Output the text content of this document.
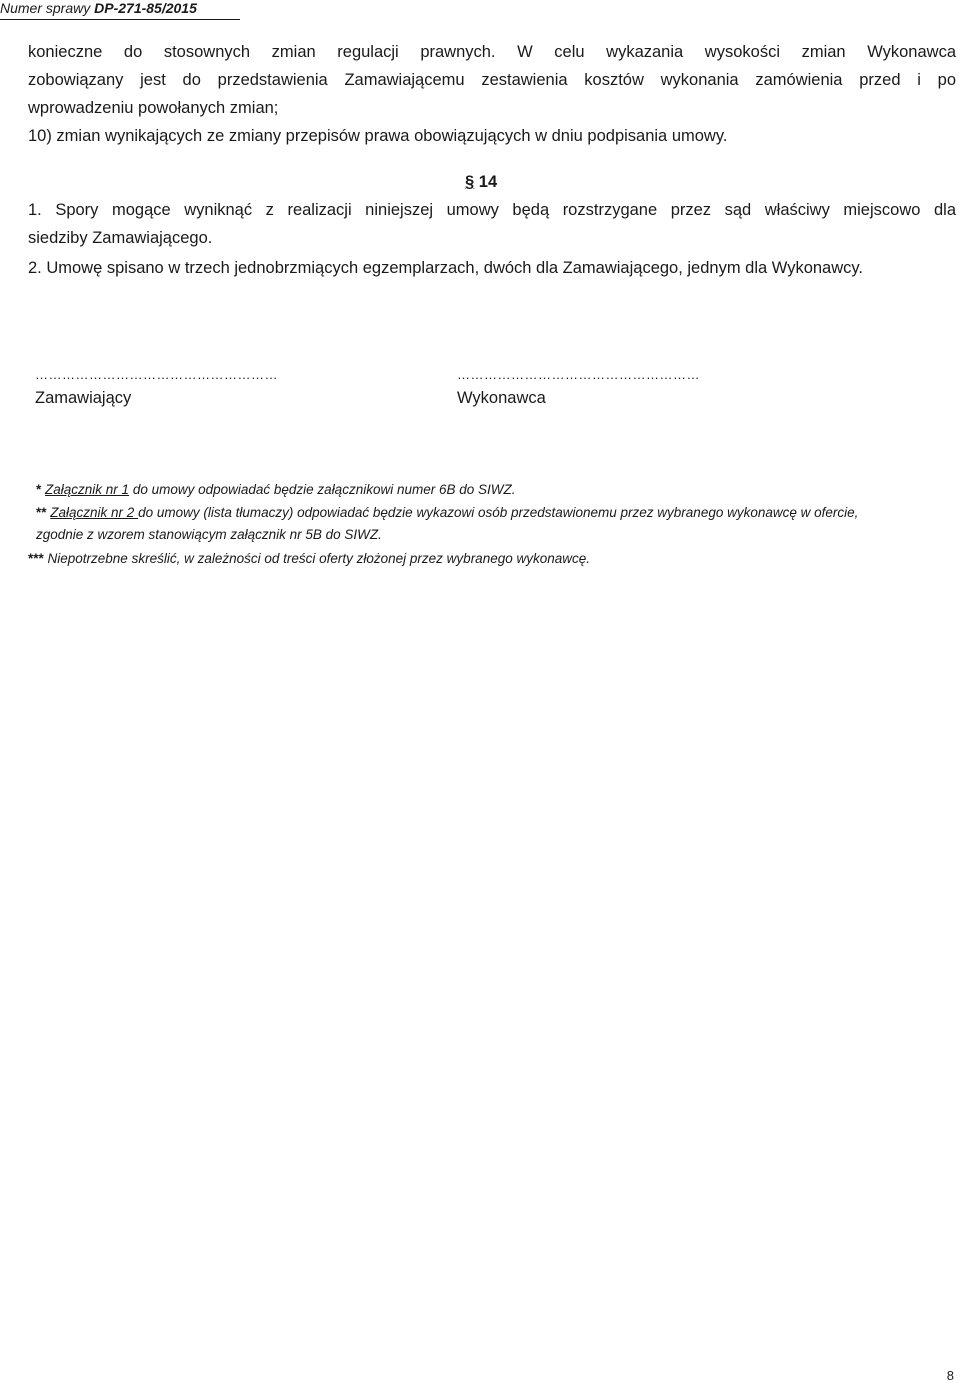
Numer sprawy DP-271-85/2015
konieczne do stosownych zmian regulacji prawnych. W celu wykazania wysokości zmian Wykonawca
zobowiązany jest do przedstawienia Zamawiającemu zestawienia kosztów wykonania zamówienia przed i po
wprowadzeniu powołanych zmian;
10) zmian wynikających ze zmiany przepisów prawa obowiązujących w dniu podpisania umowy.
§ 14
1. Spory mogące wyniknąć z realizacji niniejszej umowy będą rozstrzygane przez sąd właściwy miejscowo dla
siedziby Zamawiającego.
2. Umowę spisano w trzech jednobrzmiących egzemplarzach, dwóch dla Zamawiającego, jednym dla Wykonawcy.
………………………………………………
Zamawiający
………………………………………………
Wykonawca
* Załącznik nr 1 do umowy odpowiadać będzie załącznikowi numer 6B do SIWZ.
** Załącznik nr 2 do umowy (lista tłumaczy) odpowiadać będzie wykazowi osób przedstawionemu przez wybranego wykonawcę w ofercie,
zgodnie z wzorem stanowiącym załącznik nr 5B do SIWZ.
*** Niepotrzebne skreślić, w zależności od treści oferty złożonej przez wybranego wykonawcę.
8
